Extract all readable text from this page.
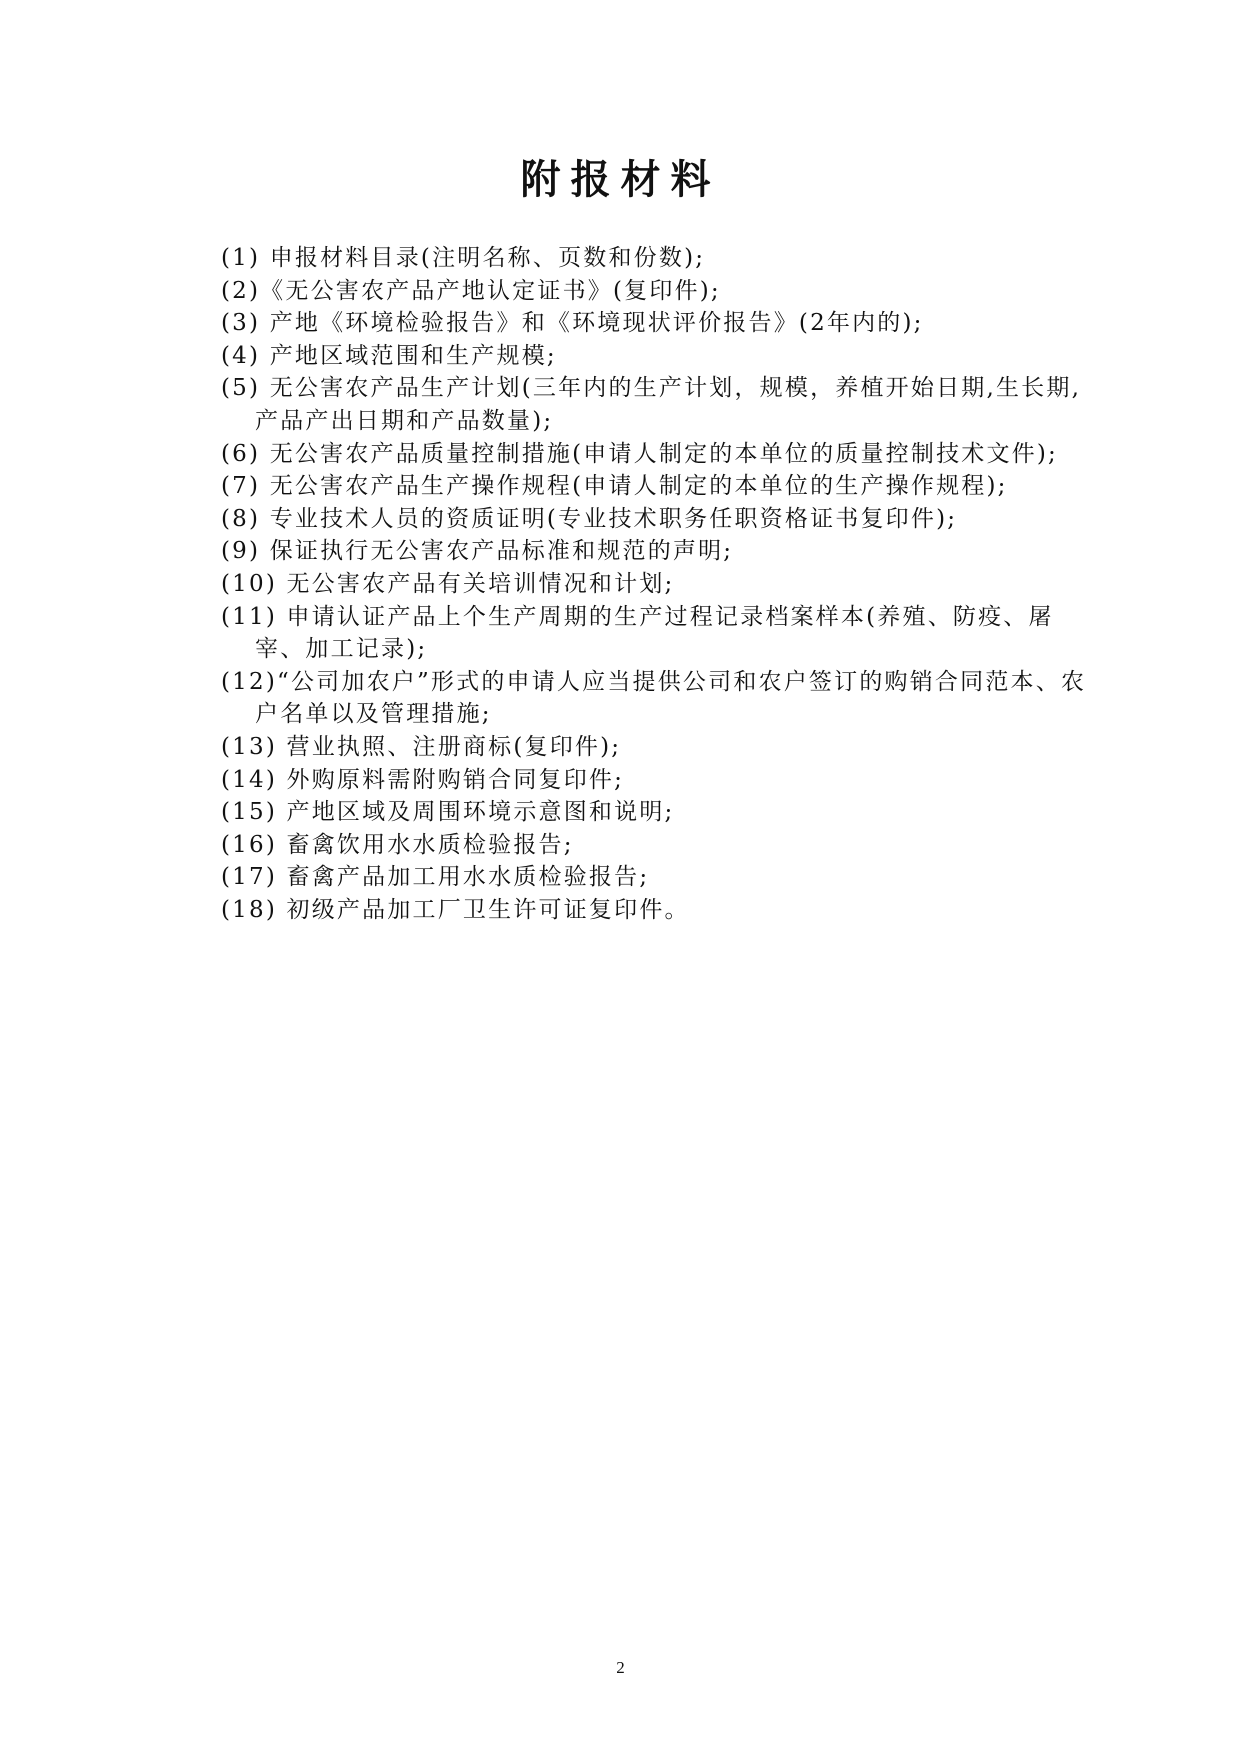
附报材料
(1) 申报材料目录(注明名称、页数和份数);
(2)《无公害农产品产地认定证书》(复印件);
(3) 产地《环境检验报告》和《环境现状评价报告》(2年内的);
(4) 产地区域范围和生产规模;
(5) 无公害农产品生产计划(三年内的生产计划，规模，养植开始日期,生长期,产品产出日期和产品数量);
(6) 无公害农产品质量控制措施(申请人制定的本单位的质量控制技术文件);
(7) 无公害农产品生产操作规程(申请人制定的本单位的生产操作规程);
(8) 专业技术人员的资质证明(专业技术职务任职资格证书复印件);
(9) 保证执行无公害农产品标准和规范的声明;
(10) 无公害农产品有关培训情况和计划;
(11) 申请认证产品上个生产周期的生产过程记录档案样本(养殖、防疫、屠宰、加工记录);
(12)“公司加农户”形式的申请人应当提供公司和农户签订的购销合同范本、农户名单以及管理措施;
(13) 营业执照、注册商标(复印件);
(14) 外购原料需附购销合同复印件;
(15) 产地区域及周围环境示意图和说明;
(16) 畜禽饮用水水质检验报告;
(17) 畜禽产品加工用水水质检验报告;
(18) 初级产品加工厂卫生许可证复印件。
2
